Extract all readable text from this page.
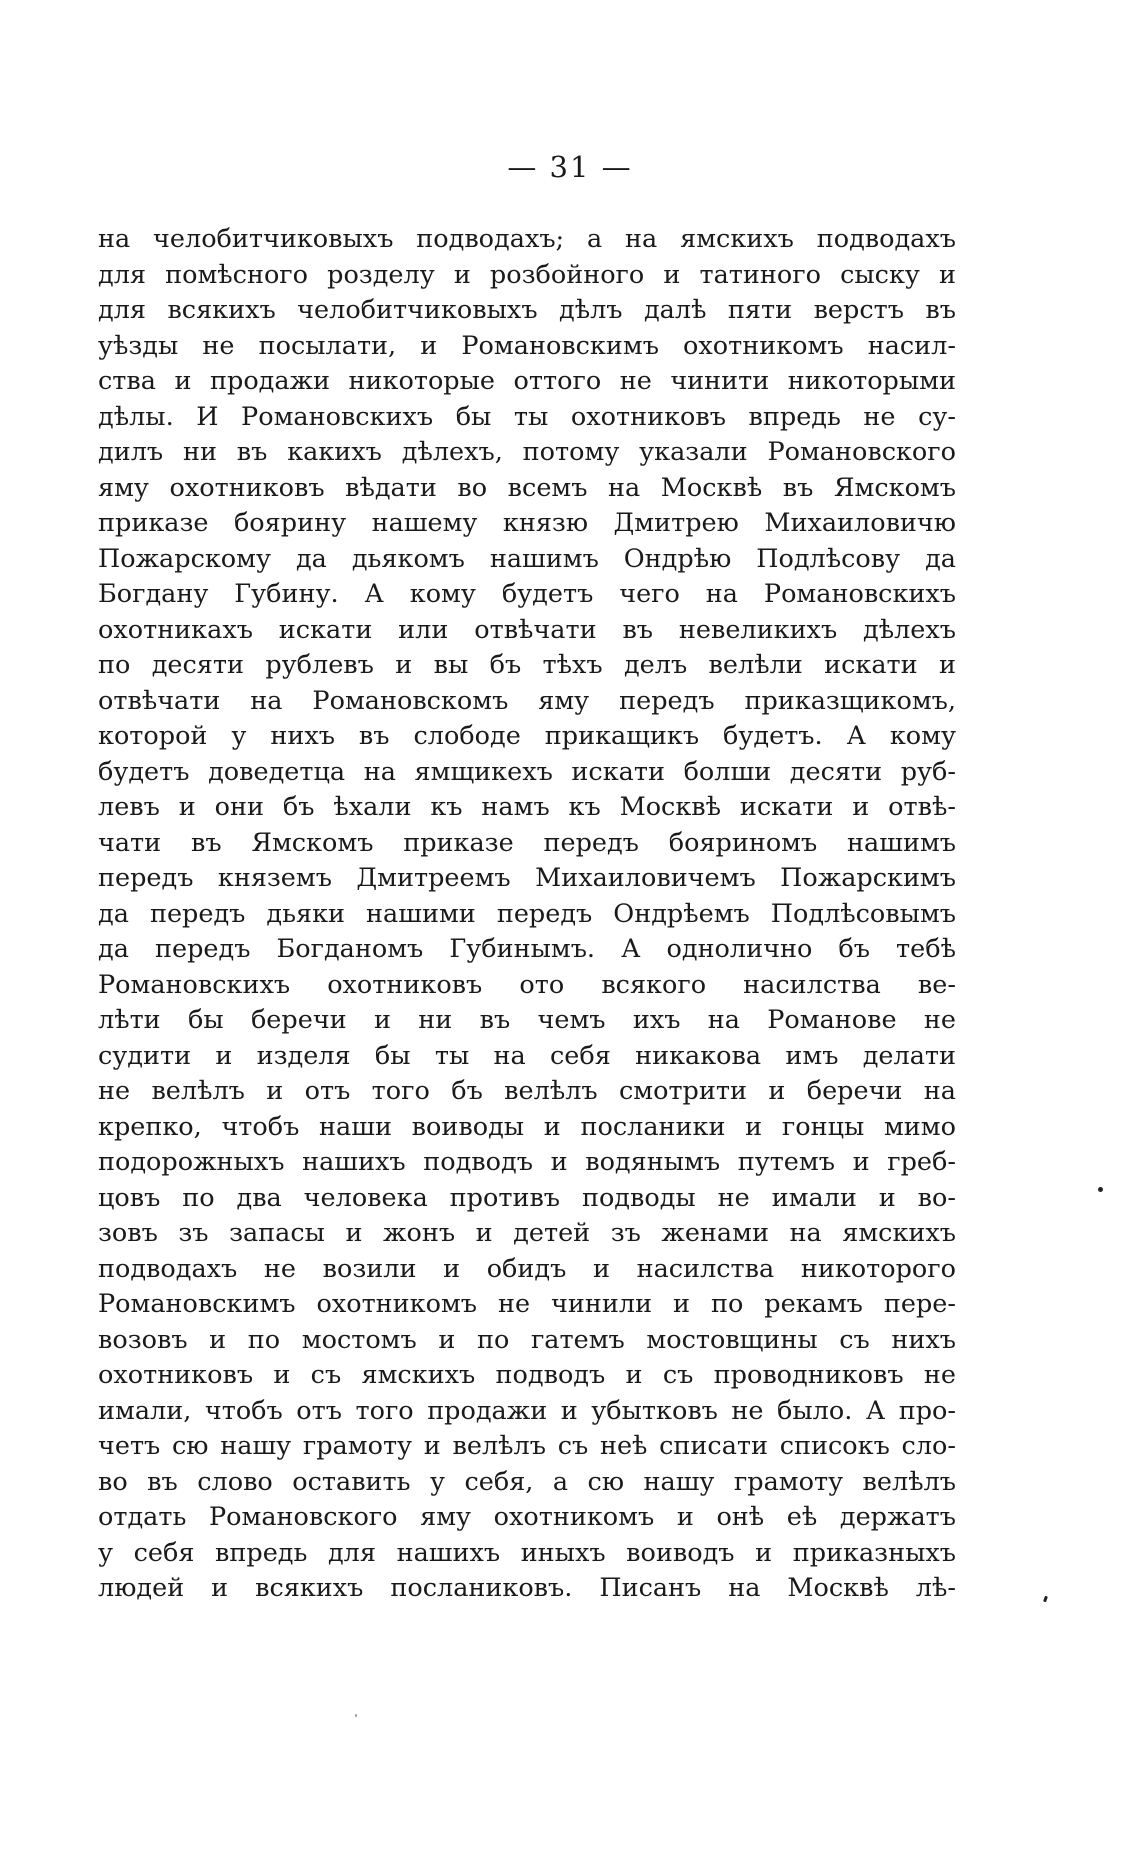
— 31 —
на челобитчиковыхъ подводахъ; а на ямскихъ подводахъ
для помѣсного розделу и розбойного и татиного сыску и
для всякихъ челобитчиковыхъ дѣлъ далѣ пяти верстъ въ
уѣзды не посылати, и Романовскимъ охотникомъ насил-
ства и продажи никоторые оттого не чинити никоторыми
дѣлы. И Романовскихъ бы ты охотниковъ впредь не су-
дилъ ни въ какихъ дѣлехъ, потому указали Романовского
яму охотниковъ вѣдати во всемъ на Москвѣ въ Ямскомъ
приказе боярину нашему князю Дмитрею Михаиловичю
Пожарскому да дьякомъ нашимъ Ондрѣю Подлѣсову да
Богдану Губину. А кому будетъ чего на Романовскихъ
охотникахъ искати или отвѣчати въ невеликихъ дѣлехъ
по десяти рублевъ и вы бъ тѣхъ делъ велѣли искати и
отвѣчати на Романовскомъ яму передъ приказщикомъ,
которой у нихъ въ слободе прикащикъ будетъ. А кому
будетъ доведетца на ямщикехъ искати болши десяти руб-
левъ и они бъ ѣхали къ намъ къ Москвѣ искати и отвѣ-
чати въ Ямскомъ приказе передъ бояриномъ нашимъ
передъ княземъ Дмитреемъ Михаиловичемъ Пожарскимъ
да передъ дьяки нашими передъ Ондрѣемъ Подлѣсовымъ
да передъ Богданомъ Губинымъ. А однолично бъ тебѣ
Романовскихъ охотниковъ ото всякого насилства ве-
лѣти бы беречи и ни въ чемъ ихъ на Романове не
судити и изделя бы ты на себя никакова имъ делати
не велѣлъ и отъ того бъ велѣлъ смотрити и беречи на
крепко, чтобъ наши воиводы и посланики и гонцы мимо
подорожныхъ нашихъ подводъ и водянымъ путемъ и греб-
цовъ по два человека противъ подводы не имали и во-
зовъ зъ запасы и жонъ и детей зъ женами на ямскихъ
подводахъ не возили и обидъ и насилства никоторого
Романовскимъ охотникомъ не чинили и по рекамъ пере-
возовъ и по мостомъ и по гатемъ мостовщины съ нихъ
охотниковъ и съ ямскихъ подводъ и съ проводниковъ не
имали, чтобъ отъ того продажи и убытковъ не было. А про-
четъ сю нашу грамоту и велѣлъ съ неѣ списати списокъ сло-
во въ слово оставить у себя, а сю нашу грамоту велѣлъ
отдать Романовского яму охотникомъ и онѣ еѣ держатъ
у себя впредь для нашихъ иныхъ воиводъ и приказныхъ
людей и всякихъ посланиковъ. Писанъ на Москвѣ лѣ-
